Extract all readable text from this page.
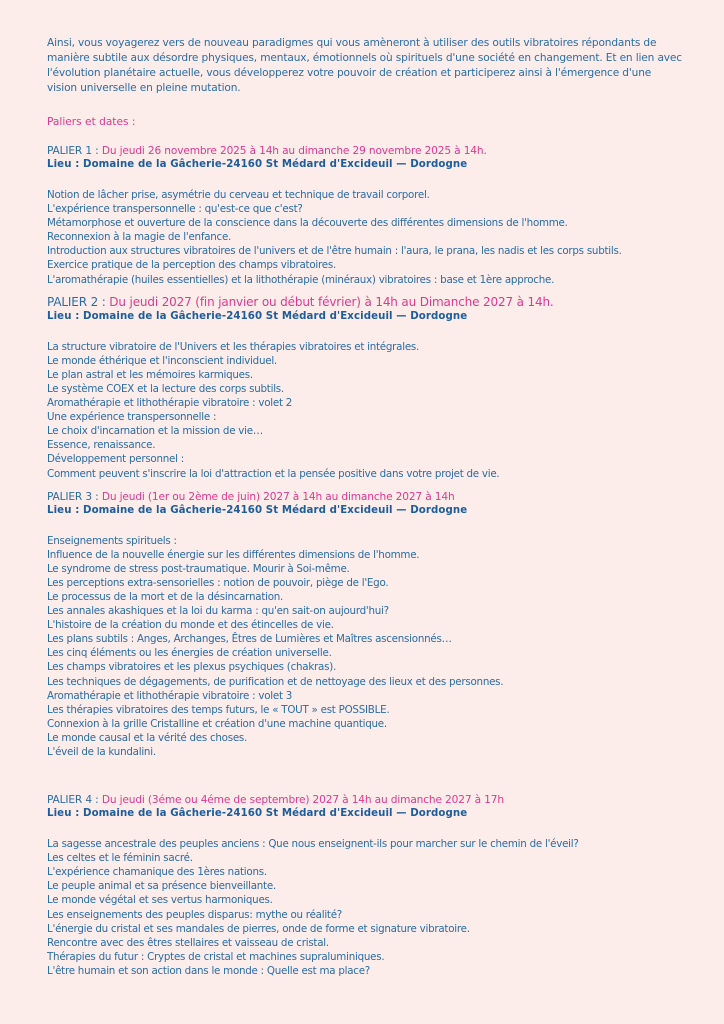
Ainsi, vous voyagerez vers de nouveau paradigmes qui vous amèneront à utiliser des outils vibratoires répondants de manière subtile aux désordre physiques, mentaux, émotionnels où spirituels d'une société en changement. Et en lien avec l'évolution planétaire actuelle, vous développerez votre pouvoir de création et participerez ainsi à l'émergence d'une vision universelle en pleine mutation.

Paliers et dates :

PALIER 1 : Du jeudi 26 novembre 2025 à 14h au dimanche 29 novembre 2025 à 14h.
Lieu : Domaine de la Gâcherie-24160 St Médard d'Excideuil — Dordogne
Notion de lâcher prise, asymétrie du cerveau et technique de travail corporel.
L'expérience transpersonnelle : qu'est-ce que c'est?
Métamorphose et ouverture de la conscience dans la découverte des différentes dimensions de l'homme.
Reconnexion à la magie de l'enfance.
Introduction aux structures vibratoires de l'univers et de l'être humain : l'aura, le prana, les nadis et les corps subtils.
Exercice pratique de la perception des champs vibratoires.
L'aromathérapie (huiles essentielles) et la lithothérapie (minéraux) vibratoires : base et 1ère approche.
PALIER 2 : Du jeudi 2027 (fin janvier ou début février) à 14h au Dimanche 2027 à 14h.
Lieu : Domaine de la Gâcherie-24160 St Médard d'Excideuil — Dordogne
La structure vibratoire de l'Univers et les thérapies vibratoires et intégrales.
Le monde éthérique et l'inconscient individuel.
Le plan astral et les mémoires karmiques.
Le système COEX et la lecture des corps subtils.
Aromathérapie et lithothérapie vibratoire : volet 2
Une expérience transpersonnelle :
Le choix d'incarnation et la mission de vie…
Essence, renaissance.
Développement personnel :
Comment peuvent s'inscrire la loi d'attraction et la pensée positive dans votre projet de vie.
PALIER 3 : Du jeudi (1er ou 2ème de juin) 2027 à 14h au dimanche 2027 à 14h
Lieu : Domaine de la Gâcherie-24160 St Médard d'Excideuil — Dordogne
Enseignements spirituels :
Influence de la nouvelle énergie sur les différentes dimensions de l'homme.
Le syndrome de stress post-traumatique. Mourir à Soi-même.
Les perceptions extra-sensorielles : notion de pouvoir, piège de l'Ego.
Le processus de la mort et de la désincarnation.
Les annales akashiques et la loi du karma : qu'en sait-on aujourd'hui?
L'histoire de la création du monde et des étincelles de vie.
Les plans subtils : Anges, Archanges, Êtres de Lumières et Maîtres ascensionnés…
Les cinq éléments ou les énergies de création universelle.
Les champs vibratoires et les plexus psychiques (chakras).
Les techniques de dégagements, de purification et de nettoyage des lieux et des personnes.
Aromathérapie et lithothérapie vibratoire : volet 3
Les thérapies vibratoires des temps futurs, le « TOUT » est POSSIBLE.
Connexion à la grille Cristalline et création d'une machine quantique.
Le monde causal et la vérité des choses.
L'éveil de la kundalini.
PALIER 4 : Du jeudi (3éme ou 4éme de septembre) 2027 à 14h au dimanche 2027 à 17h
Lieu : Domaine de la Gâcherie-24160 St Médard d'Excideuil — Dordogne
La sagesse ancestrale des peuples anciens : Que nous enseignent-ils pour marcher sur le chemin de l'éveil?
Les celtes et le féminin sacré.
L'expérience chamanique des 1ères nations.
Le peuple animal et sa présence bienveillante.
Le monde végétal et ses vertus harmoniques.
Les enseignements des peuples disparus: mythe ou réalité?
L'énergie du cristal et ses mandales de pierres, onde de forme et signature vibratoire.
Rencontre avec des êtres stellaires et vaisseau de cristal.
Thérapies du futur : Cryptes de cristal et machines supraluminiques.
L'être humain et son action dans le monde : Quelle est ma place?
